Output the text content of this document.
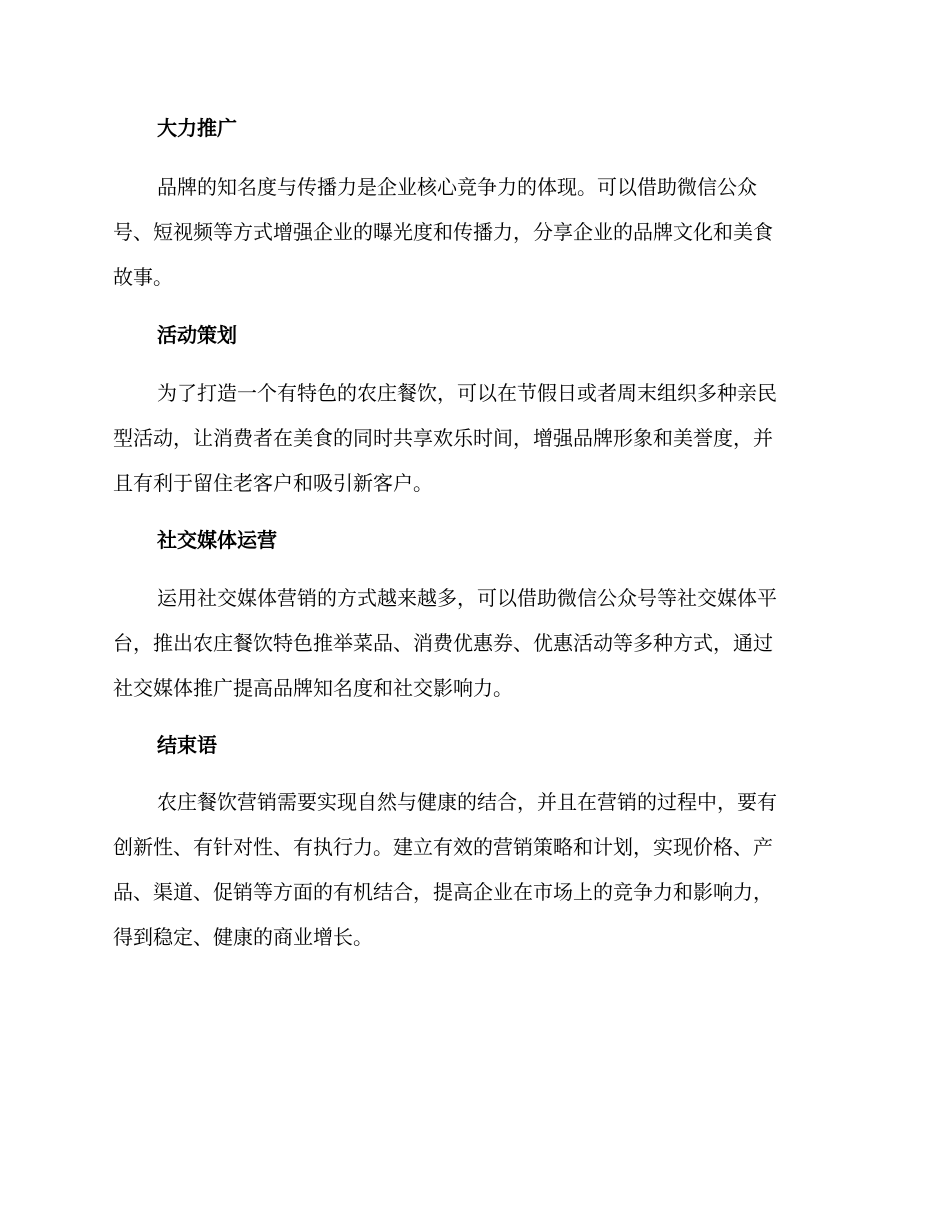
大力推广

品牌的知名度与传播力是企业核心竞争力的体现。可以借助微信公众

号、短视频等方式增强企业的曝光度和传播力，分享企业的品牌文化和美食

故事。

活动策划

为了打造一个有特色的农庄餐饮，可以在节假日或者周末组织多种亲民

型活动，让消费者在美食的同时共享欢乐时间，增强品牌形象和美誉度，并

且有利于留住老客户和吸引新客户。

社交媒体运营

运用社交媒体营销的方式越来越多，可以借助微信公众号等社交媒体平

台，推出农庄餐饮特色推举菜品、消费优惠券、优惠活动等多种方式，通过

社交媒体推广提高品牌知名度和社交影响力。

结束语

农庄餐饮营销需要实现自然与健康的结合，并且在营销的过程中，要有

创新性、有针对性、有执行力。建立有效的营销策略和计划，实现价格、产

品、渠道、促销等方面的有机结合，提高企业在市场上的竞争力和影响力，

得到稳定、健康的商业增长。
